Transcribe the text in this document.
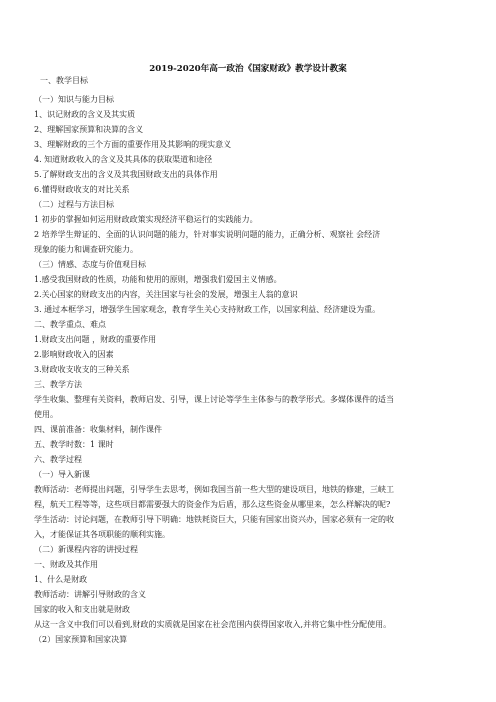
2019-2020年高一政治《国家财政》教学设计教案
一、教学目标
（一）知识与能力目标
1、识记财政的含义及其实质
2、理解国家预算和决算的含义
3、理解财政的三个方面的重要作用及其影响的现实意义
4. 知道财政收入的含义及其具体的获取渠道和途径
5.了解财政支出的含义及其我国财政支出的具体作用
6.懂得财政收支的对比关系
（二）过程与方法目标
1 初步的掌握如何运用财政政策实现经济平稳运行的实践能力。
2 培养学生辩证的、全面的认识问题的能力，针对事实说明问题的能力，正确分析、观察社 会经济
现象的能力和调查研究能力。
（三）情感、态度与价值观目标
1.感受我国财政的性质，功能和使用的原则，增强我们爱国主义情感。
2.关心国家的财政支出的内容，关注国家与社会的发展，增强主人翁的意识
3. 通过本框学习，增强学生国家观念，教育学生关心支持财政工作，以国家利益、经济建设为重。
二、教学重点、难点
1.财政支出问题 ，财政的重要作用
2.影响财政收入的因素
3.财政收支收支的三种关系
三、教学方法
学生收集、整理有关资料，教师启发、引导，课上讨论等学生主体参与的教学形式。多媒体课件的适当
使用。
四、课前准备：收集材料，制作课件
五、教学时数：1 课时
六、教学过程
（一）导入新课
教师活动：老师提出问题，引导学生去思考，例如我国当前一些大型的建设项目，地铁的修建，三峡工
程，航天工程等等，这些项目都需要强大的资金作为后盾，那么这些资金从哪里来，怎么样解决的呢?
学生活动：讨论问题，在教师引导下明确：地铁耗资巨大，只能有国家出资兴办，国家必须有一定的收
入，才能保证其各项职能的顺利实施。
（二）新课程内容的讲授过程
一、财政及其作用
1、什么是财政
教师活动：讲解引导财政的含义
国家的收入和支出就是财政
从这一含义中我们可以看到,财政的实质就是国家在社会范围内获得国家收入,并将它集中性分配使用。
（2）国家预算和国家决算
